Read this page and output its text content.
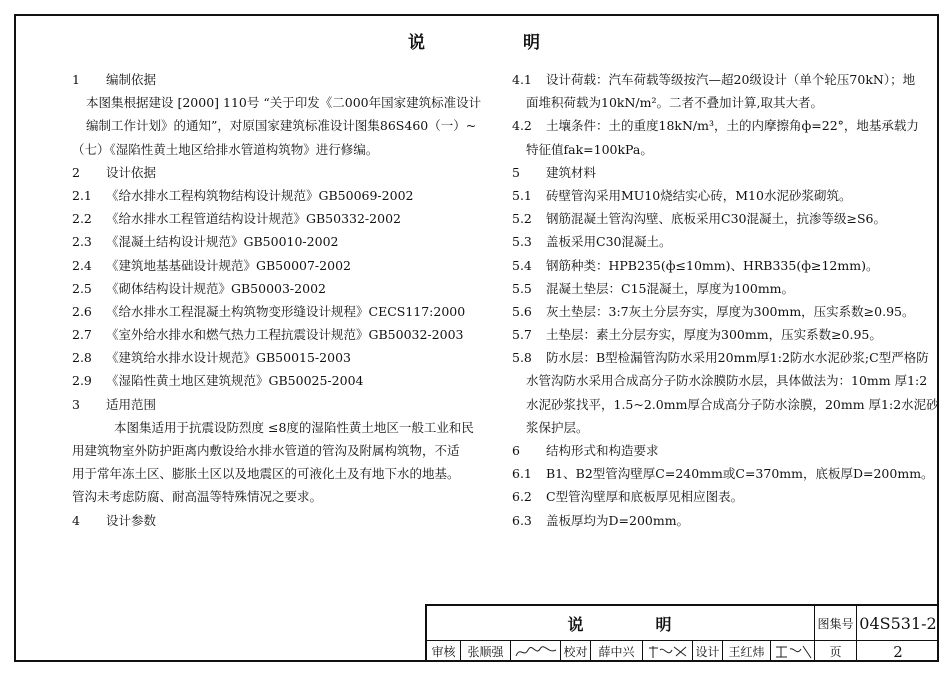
说	明
1 编制依据
本图集根据建设 [2000] 110号 “关于印发《二000年国家建筑标准设计
编制工作计划》的通知”，对原国家建筑标准设计图集86S460（一）~
（七）《湿陷性黄土地区给排水管道构筑物》进行修编。
2 设计依据
2.1 《给水排水工程构筑物结构设计规范》GB50069-2002
2.2 《给水排水工程管道结构设计规范》GB50332-2002
2.3 《混凝土结构设计规范》GB50010-2002
2.4 《建筑地基基础设计规范》GB50007-2002
2.5 《砌体结构设计规范》GB50003-2002
2.6 《给水排水工程混凝土构筑物变形缝设计规程》CECS117:2000
2.7 《室外给水排水和燃气热力工程抗震设计规范》GB50032-2003
2.8 《建筑给水排水设计规范》GB50015-2003
2.9 《湿陷性黄土地区建筑规范》GB50025-2004
3 适用范围
本图集适用于抗震设防烈度 ≤8度的湿陷性黄土地区一般工业和民
用建筑物室外防护距离内敷设给水排水管道的管沟及附属构筑物，不适
用于常年冻土区、膨胀土区以及地震区的可液化土及有地下水的地基。
管沟未考虑防腐、耐高温等特殊情况之要求。
4 设计参数
4.1 设计荷载：汽车荷载等级按汽—超20级设计（单个轮压70kN）；地
面堆积荷载为10kN/m²。二者不叠加计算,取其大者。
4.2 土壤条件：土的重度18kN/m³，土的内摩擦角ф=22°，地基承载力
特征值fak=100kPa。
5 建筑材料
5.1 砖壁管沟采用MU10烧结实心砖，M10水泥砂浆砌筑。
5.2 钢筋混凝土管沟沟壁、底板采用C30混凝土，抗渗等级≥S6。
5.3 盖板采用C30混凝土。
5.4 钢筋种类：HPB235(ф≤10mm)、HRB335(ф≥12mm)。
5.5 混凝土垫层：C15混凝土，厚度为100mm。
5.6 灰土垫层：3:7灰土分层夯实，厚度为300mm，压实系数≥0.95。
5.7 土垫层：素土分层夯实，厚度为300mm，压实系数≥0.95。
5.8 防水层：B型检漏管沟防水采用20mm厚1:2防水水泥砂浆;C型严格防
水管沟防水采用合成高分子防水涂膜防水层，具体做法为：10mm 厚1:2
水泥砂浆找平，1.5~2.0mm厚合成高分子防水涂膜，20mm 厚1:2水泥砂
浆保护层。
6 结构形式和构造要求
6.1 B1、B2型管沟壁厚C=240mm或C=370mm，底板厚D=200mm。
6.2 C型管沟壁厚和底板厚见相应图表。
6.3 盖板厚均为D=200mm。
说	明	图集号 04S531-2
审核 张顺强	校对 薛中兴	设计 王红炜	页	2
